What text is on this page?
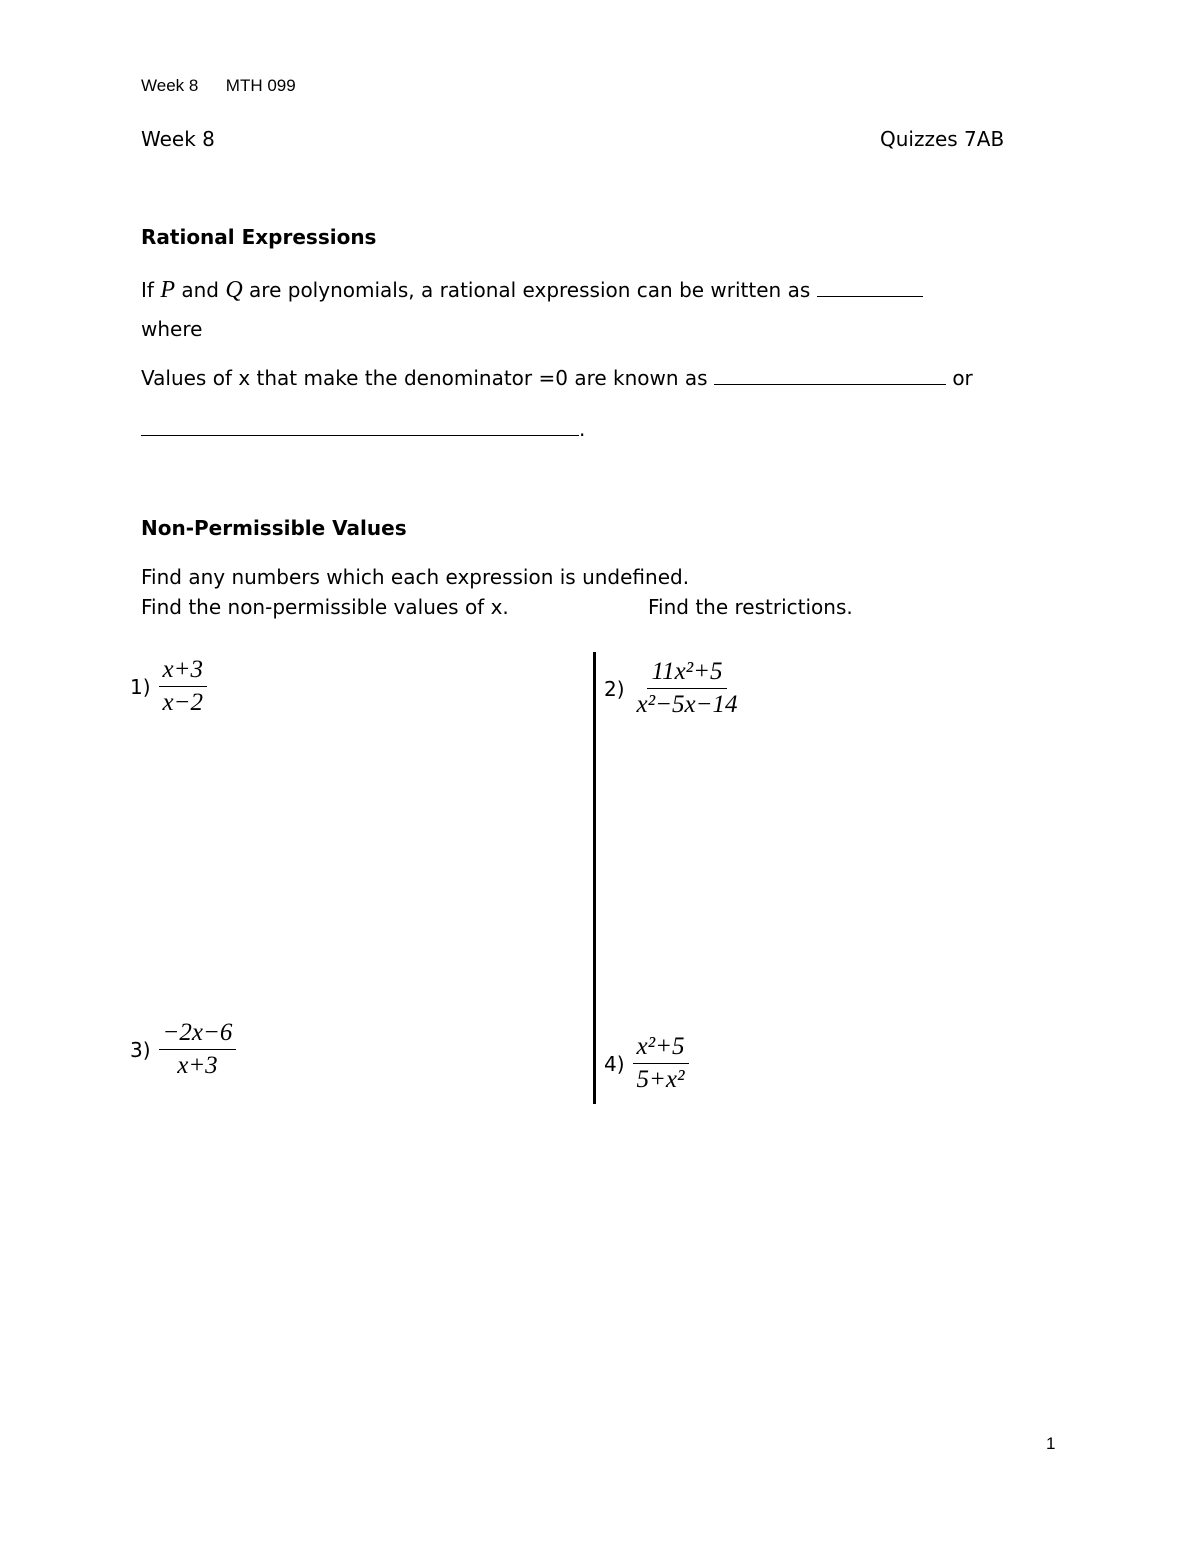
Week 8 MTH 099
Week 8	Quizzes 7AB
Rational Expressions
If P and Q are polynomials, a rational expression can be written as
where
Values of x that make the denominator =0 are known as	or
.
Non-Permissible Values
Find any numbers which each expression is undefined.
Find the non-permissible values of x.	Find the restrictions.
$1) \frac{x+3}{x-2}$	$2) \frac{\text{11x²+5}}{\text{x²−5x−14}}$
$3) \frac{-2x-6}{x+3}$	$4) \frac{\text{x²+5}}{\text{5+x²}}$
1
